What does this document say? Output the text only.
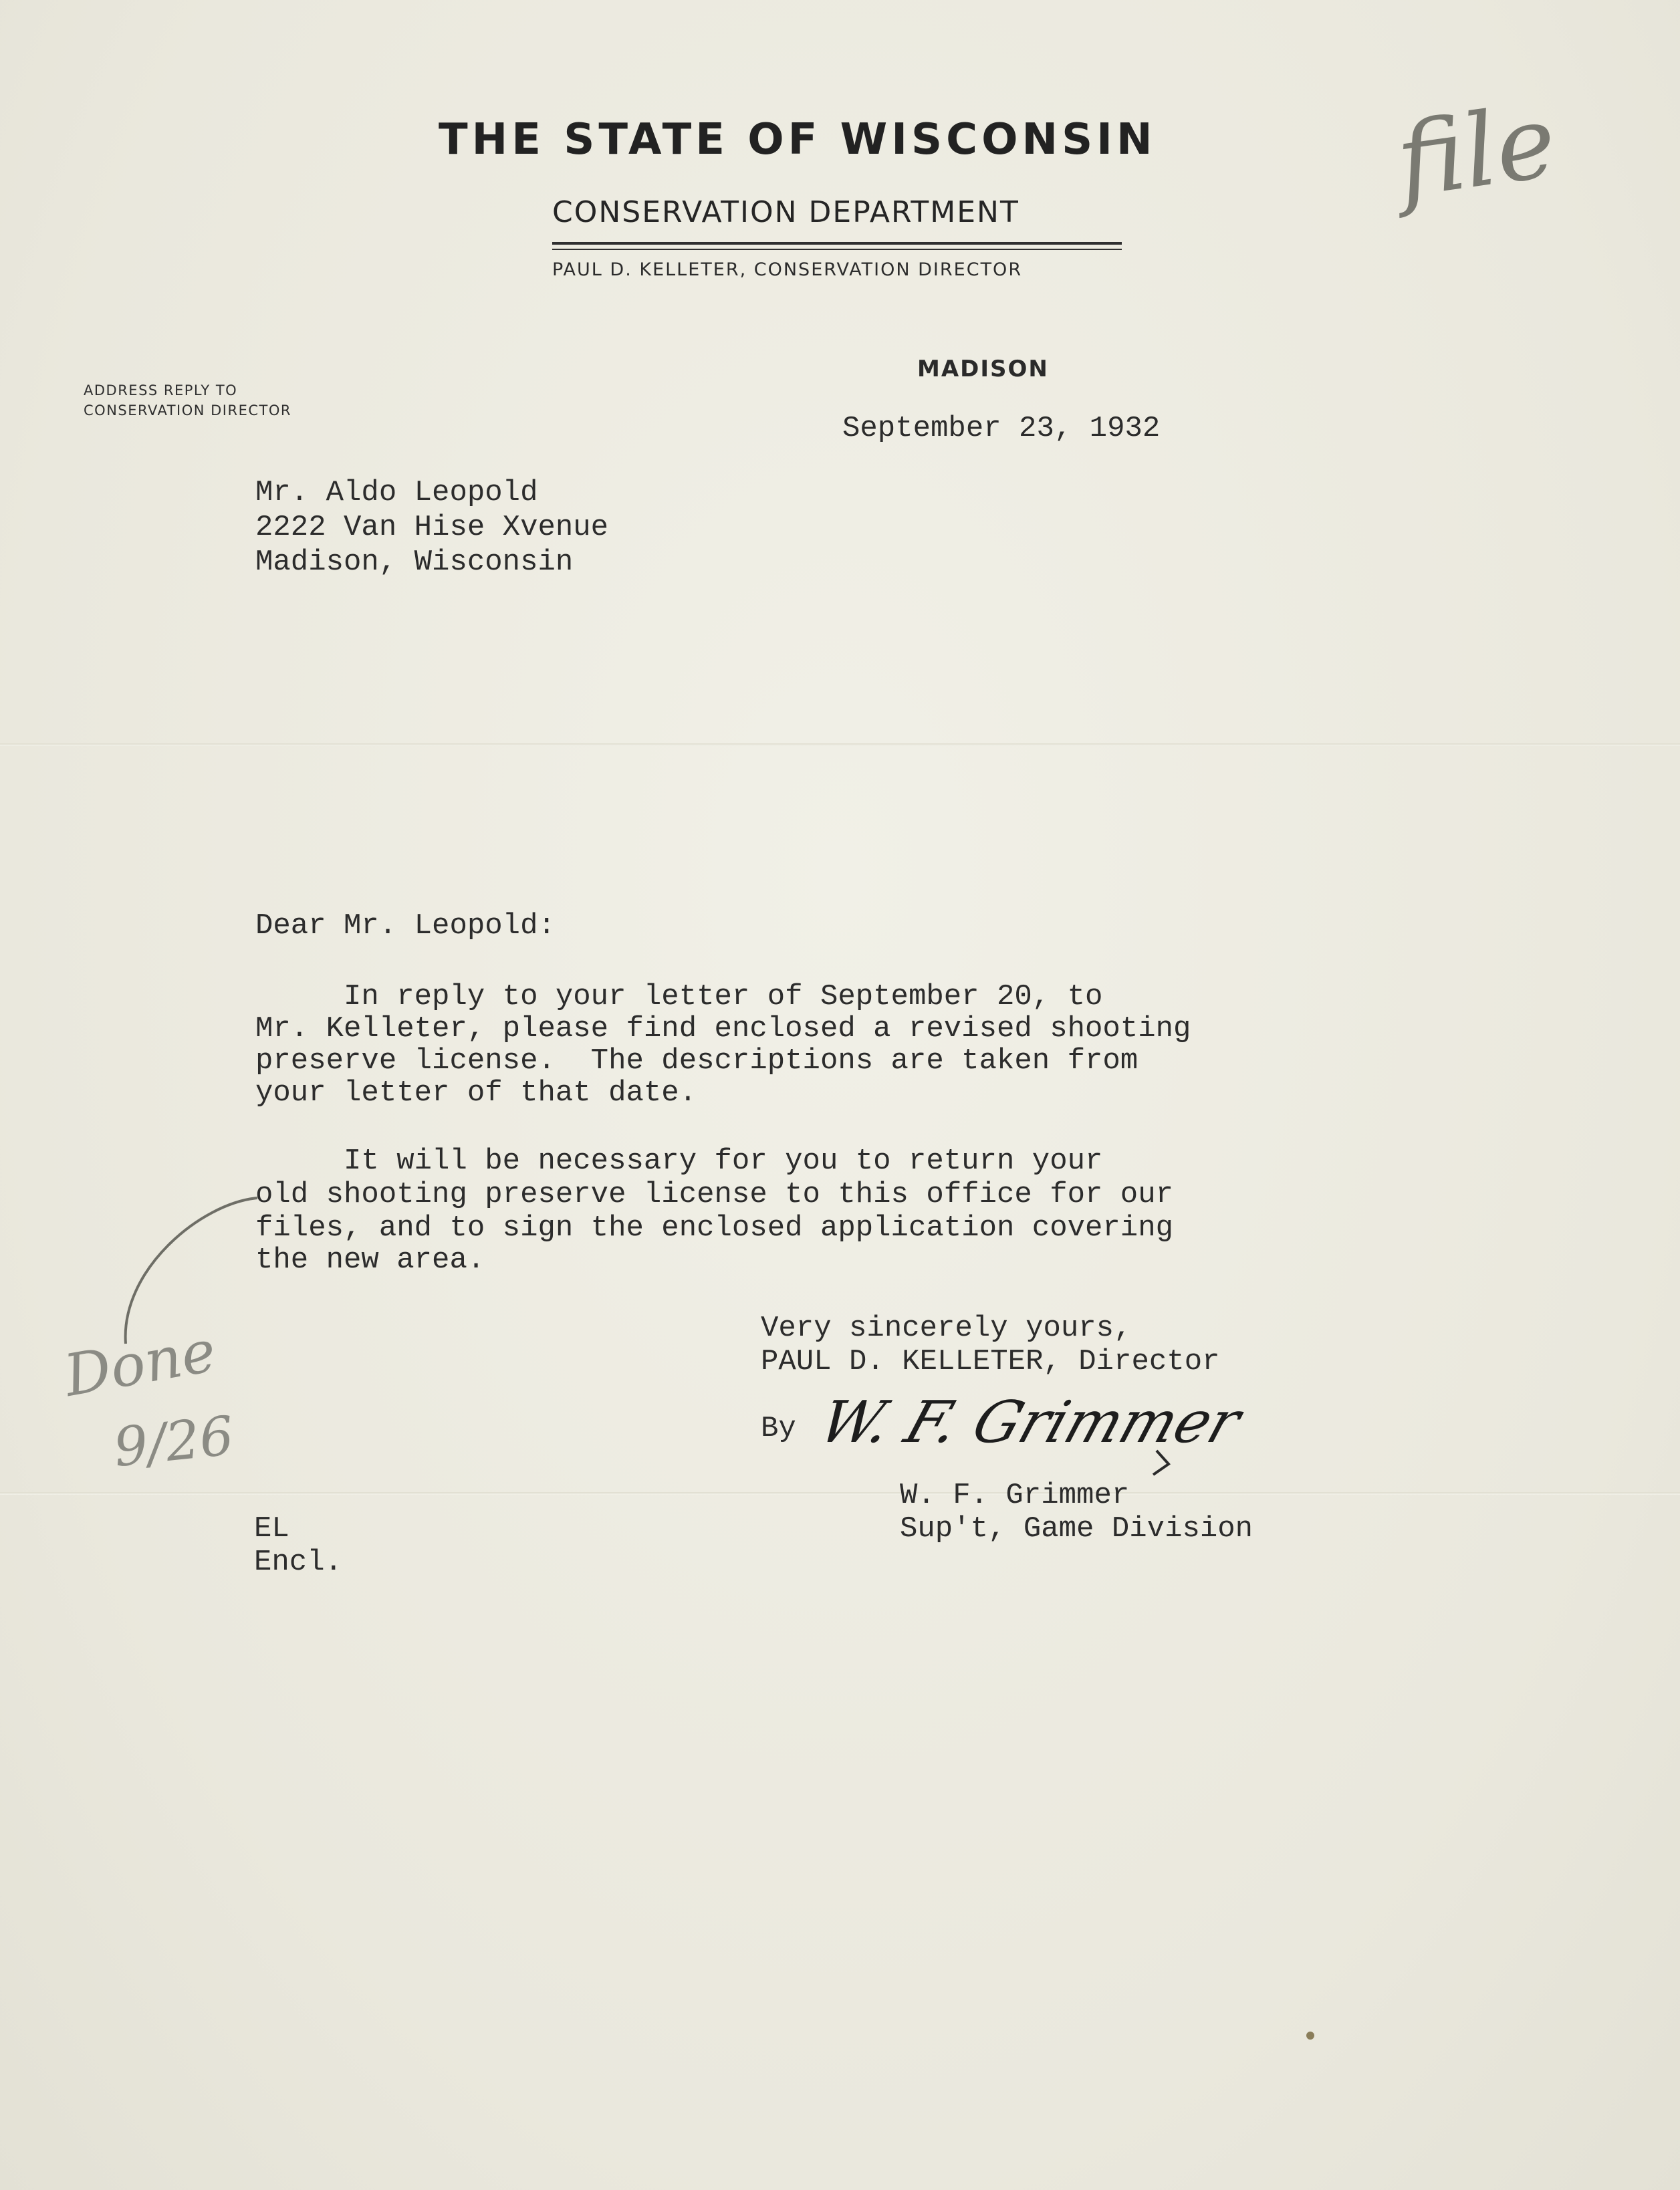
THE STATE OF WISCONSIN
CONSERVATION DEPARTMENT
PAUL D. KELLETER, CONSERVATION DIRECTOR
ADDRESS REPLY TO
CONSERVATION DIRECTOR
MADISON
September 23, 1932
Mr. Aldo Leopold
2222 Van Hise Xvenue
Madison, Wisconsin
Dear Mr. Leopold:
In reply to your letter of September 20, to
Mr. Kelleter, please find enclosed a revised shooting
preserve license.  The descriptions are taken from
your letter of that date.
It will be necessary for you to return your
old shooting preserve license to this office for our
files, and to sign the enclosed application covering
the new area.
Very sincerely yours,
PAUL D. KELLETER, Director
By W. F. Grimmer
W. F. Grimmer
Sup't, Game Division
EL
Encl.
file
Done
9/26
